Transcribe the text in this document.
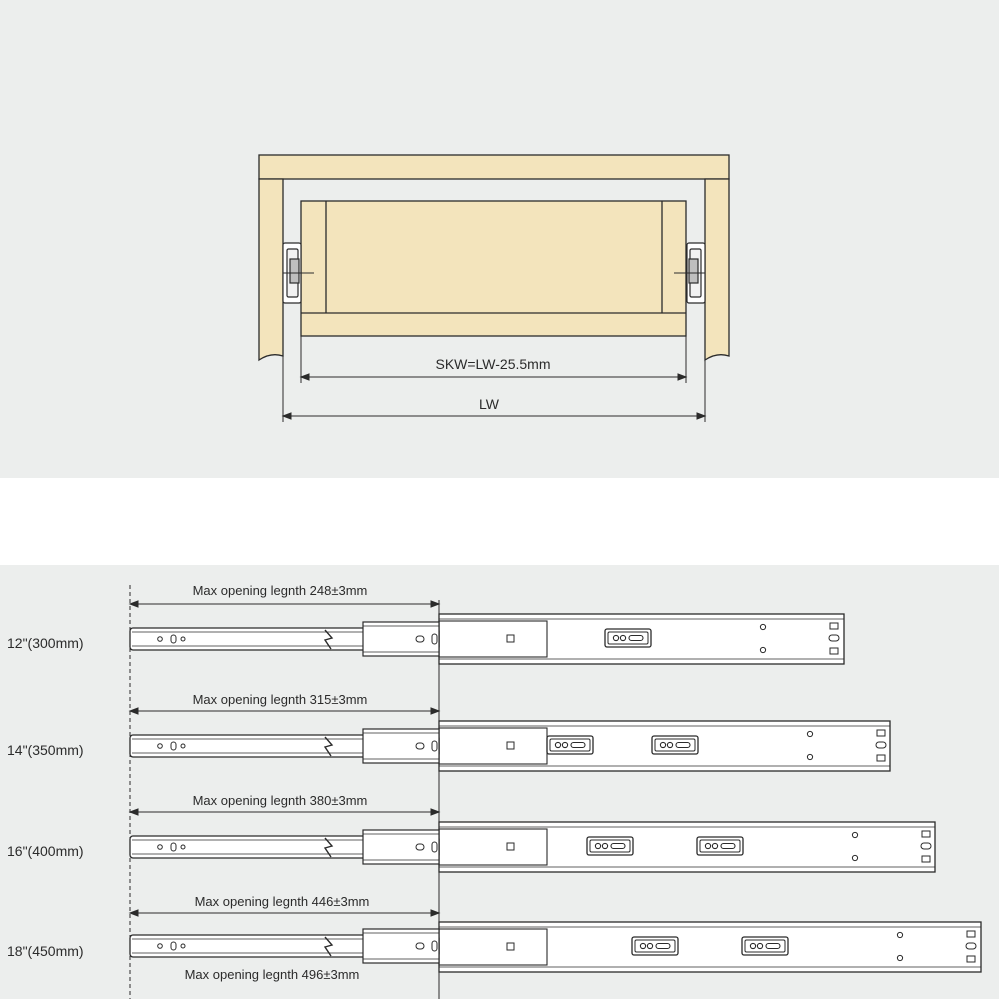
SKW=LW-25.5mm
LW
Max opening legnth 248±3mm
Max opening legnth 315±3mm
Max opening legnth 380±3mm
Max opening legnth 446±3mm
Max opening legnth 496±3mm
12"(300mm)
14"(350mm)
16"(400mm)
18"(450mm)
